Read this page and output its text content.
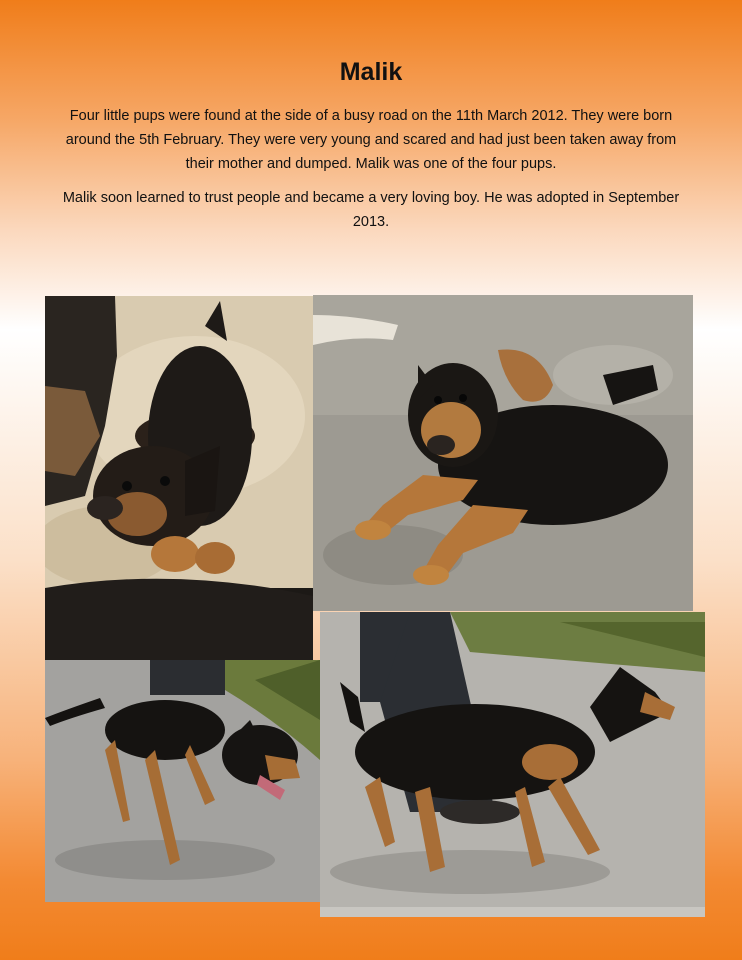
Malik
Four little pups were found at the side of a busy road on the 11th March 2012. They were born around the 5th February. They were very young and scared and had just been taken away from their mother and dumped. Malik was one of the four pups.
Malik soon learned to trust people and became a very loving boy. He was adopted in September 2013.
